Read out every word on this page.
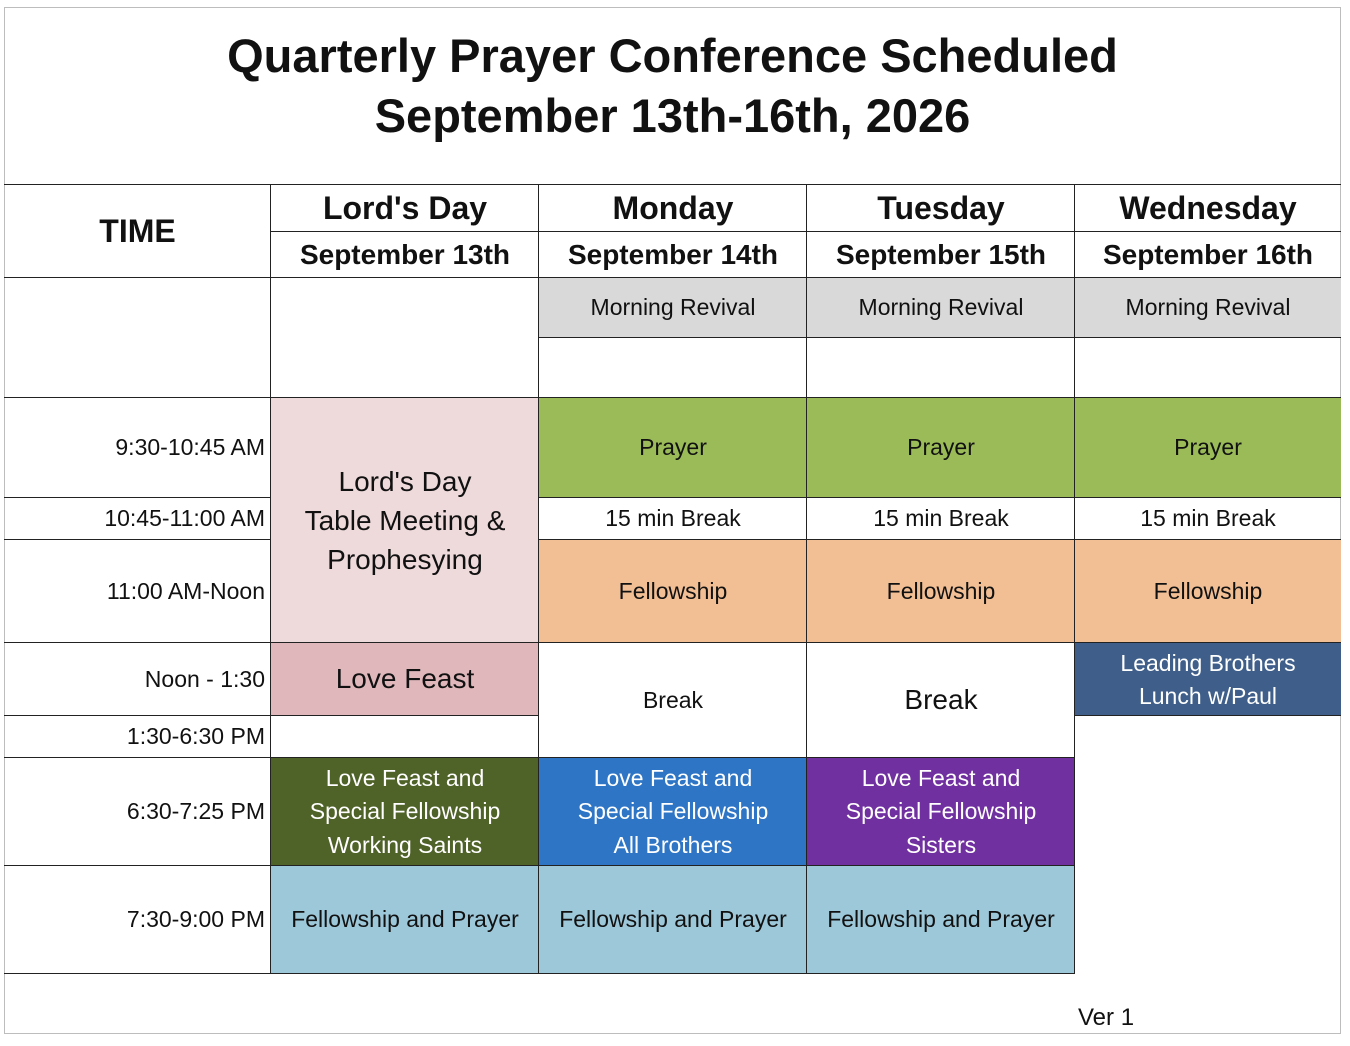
Quarterly Prayer Conference Scheduled
September 13th-16th, 2026
TIME
Lord's Day
September 13th
Monday
September 14th
Tuesday
September 15th
Wednesday
September 16th
Morning Revival	Morning Revival	Morning Revival
9:30-10:45 AM
10:45-11:00 AM
11:00 AM-Noon
Noon - 1:30
1:30-6:30 PM
6:30-7:25 PM
7:30-9:00 PM
Lord's Day
Table Meeting &
Prophesying
Love Feast
Love Feast and
Special Fellowship
Working Saints
Fellowship and Prayer
Prayer
15 min Break
Fellowship
Break
Love Feast and
Special Fellowship
All Brothers
Fellowship and Prayer
Prayer
15 min Break
Fellowship
Break
Love Feast and
Special Fellowship
Sisters
Fellowship and Prayer
Prayer
15 min Break
Fellowship
Leading Brothers
Lunch w/Paul
Ver 1
